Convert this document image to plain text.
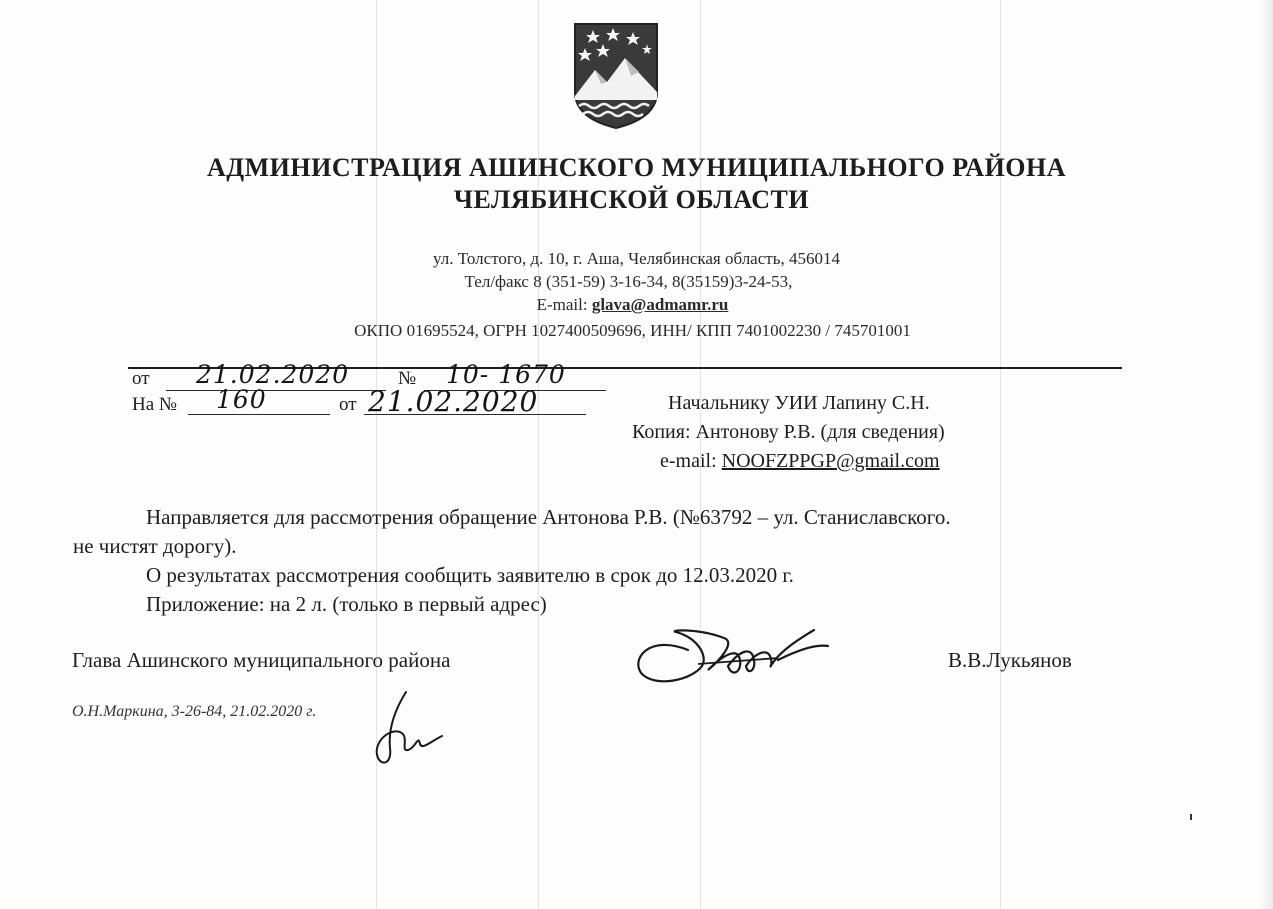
АДМИНИСТРАЦИЯ АШИНСКОГО МУНИЦИПАЛЬНОГО РАЙОНА
ЧЕЛЯБИНСКОЙ ОБЛАСТИ
ул. Толстого, д. 10, г. Аша, Челябинская область, 456014
Тел/факс 8 (351-59) 3-16-34, 8(35159)3-24-53,
E-mail: glava@admamr.ru
ОКПО 01695524, ОГРН 1027400509696, ИНН/ КПП 7401002230 / 745701001
от 21.02.2020	№ 10- 1670
На № 160	от 21.02.2020	Начальнику УИИ Лапину С.Н.
Копия: Антонову Р.В. (для сведения)
e-mail: NOOFZPPGP@gmail.com
Направляется для рассмотрения обращение Антонова Р.В. (№63792 – ул. Станиславского.
не чистят дорогу).
О результатах рассмотрения сообщить заявителю в срок до 12.03.2020 г.
Приложение: на 2 л. (только в первый адрес)
Глава Ашинского муниципального района	В.В.Лукьянов
О.Н.Маркина, 3-26-84, 21.02.2020 г.
